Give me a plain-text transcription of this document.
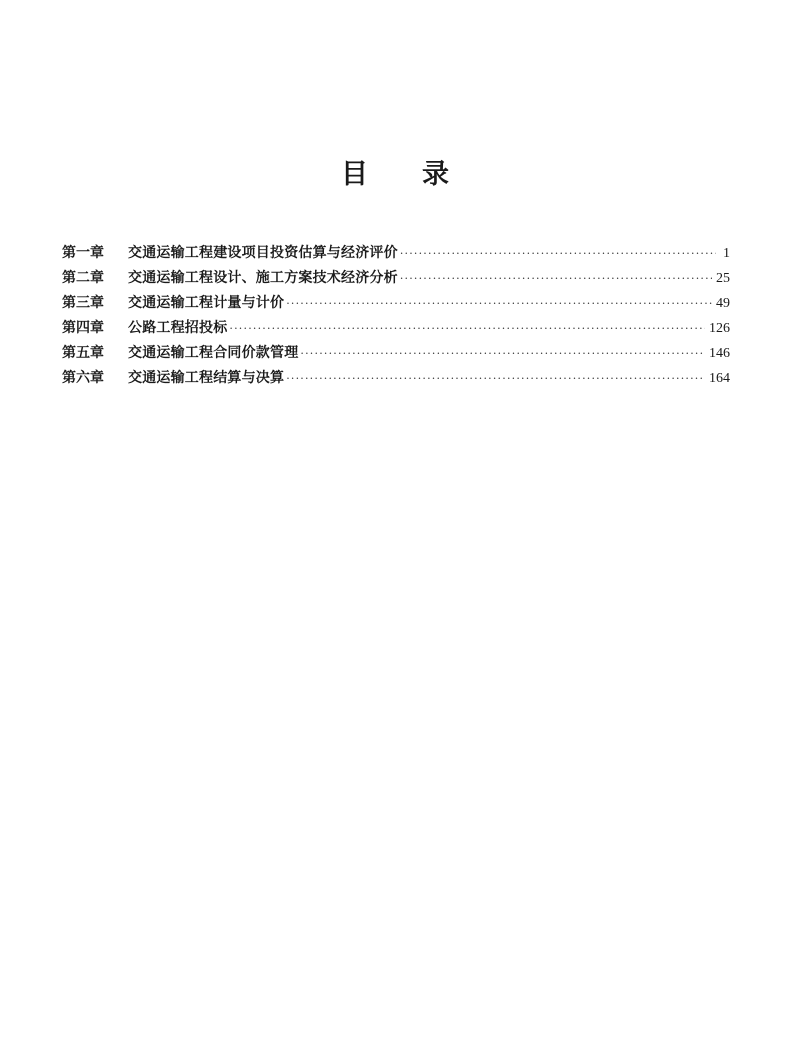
目 录
第一章	交通运输工程建设项目投资估算与经济评价 ·····	1
第二章	交通运输工程设计、施工方案技术经济分析 ·····	25
第三章	交通运输工程计量与计价 ·····	49
第四章	公路工程招投标 ·····	126
第五章	交通运输工程合同价款管理 ·····	146
第六章	交通运输工程结算与决算 ·····	164
